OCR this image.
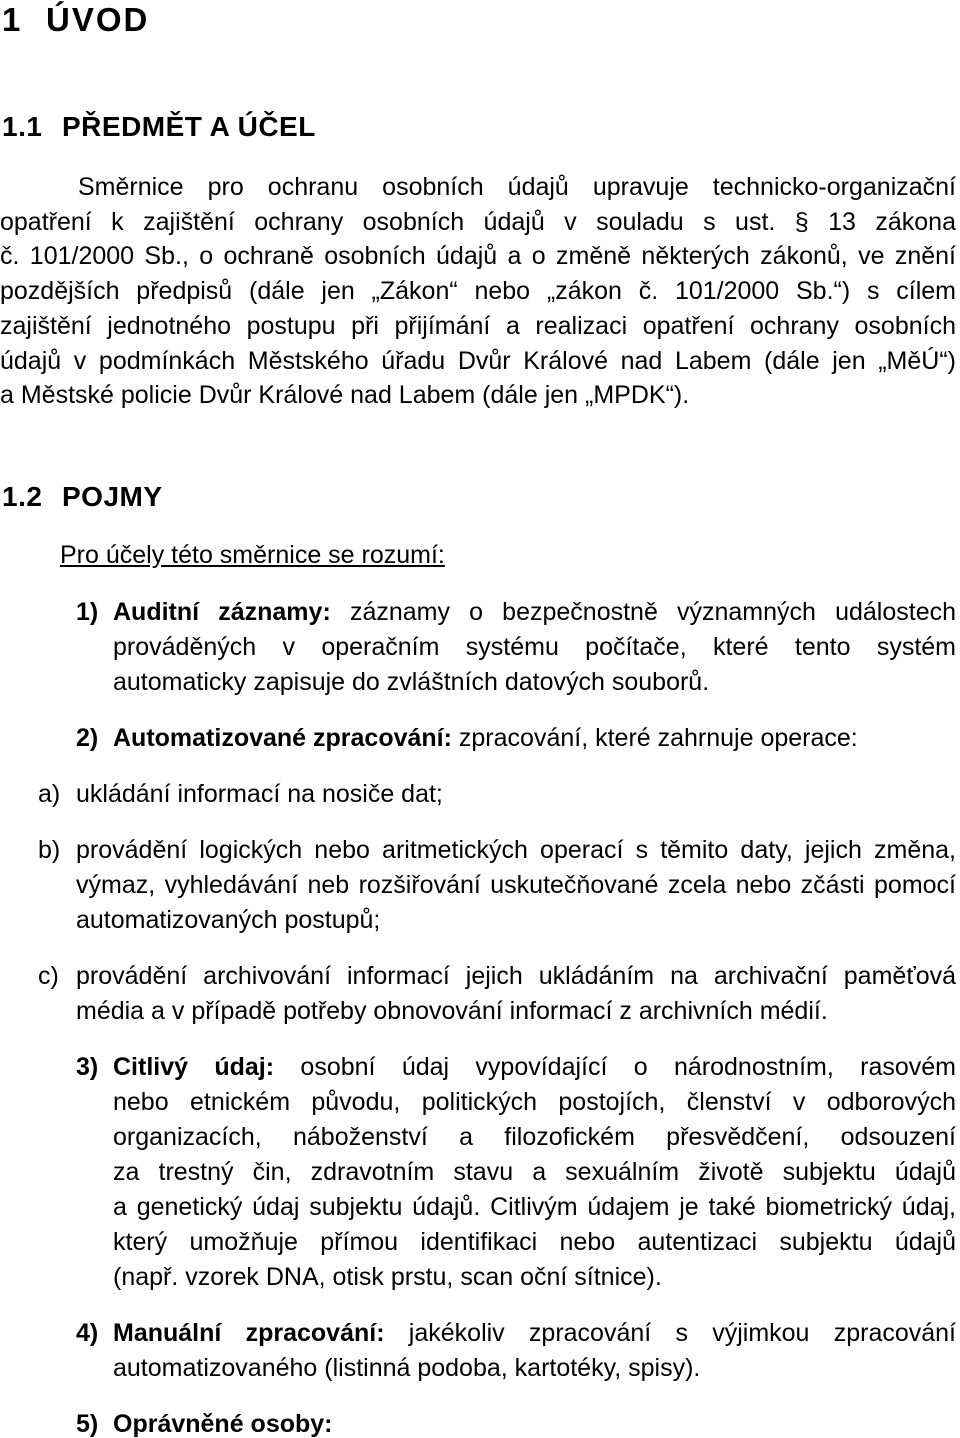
1 ÚVOD
1.1 PŘEDMĚT A ÚČEL
Směrnice pro ochranu osobních údajů upravuje technicko-organizační
opatření k zajištění ochrany osobních údajů v souladu s ust. § 13 zákona
č. 101/2000 Sb., o ochraně osobních údajů a o změně některých zákonů, ve znění
pozdějších předpisů (dále jen „Zákon“ nebo „zákon č. 101/2000 Sb.“) s cílem
zajištění jednotného postupu při přijímání a realizaci opatření ochrany osobních
údajů v podmínkách Městského úřadu Dvůr Králové nad Labem (dále jen „MěÚ“)
a Městské policie Dvůr Králové nad Labem (dále jen „MPDK“).
1.2 POJMY
Pro účely této směrnice se rozumí:
1) Auditní záznamy: záznamy o bezpečnostně významných událostech
prováděných v operačním systému počítače, které tento systém
automaticky zapisuje do zvláštních datových souborů.
2) Automatizované zpracování: zpracování, které zahrnuje operace:
a) ukládání informací na nosiče dat;
b) provádění logických nebo aritmetických operací s těmito daty, jejich změna,
výmaz, vyhledávání neb rozšiřování uskutečňované zcela nebo zčásti pomocí
automatizovaných postupů;
c) provádění archivování informací jejich ukládáním na archivační paměťová
média a v případě potřeby obnovování informací z archivních médií.
3) Citlivý údaj: osobní údaj vypovídající o národnostním, rasovém
nebo etnickém původu, politických postojích, členství v odborových
organizacích, náboženství a filozofickém přesvědčení, odsouzení
za trestný čin, zdravotním stavu a sexuálním životě subjektu údajů
a genetický údaj subjektu údajů. Citlivým údajem je také biometrický údaj,
který umožňuje přímou identifikaci nebo autentizaci subjektu údajů
(např. vzorek DNA, otisk prstu, scan oční sítnice).
4) Manuální zpracování: jakékoliv zpracování s výjimkou zpracování
automatizovaného (listinná podoba, kartotéky, spisy).
5) Oprávněné osoby:
